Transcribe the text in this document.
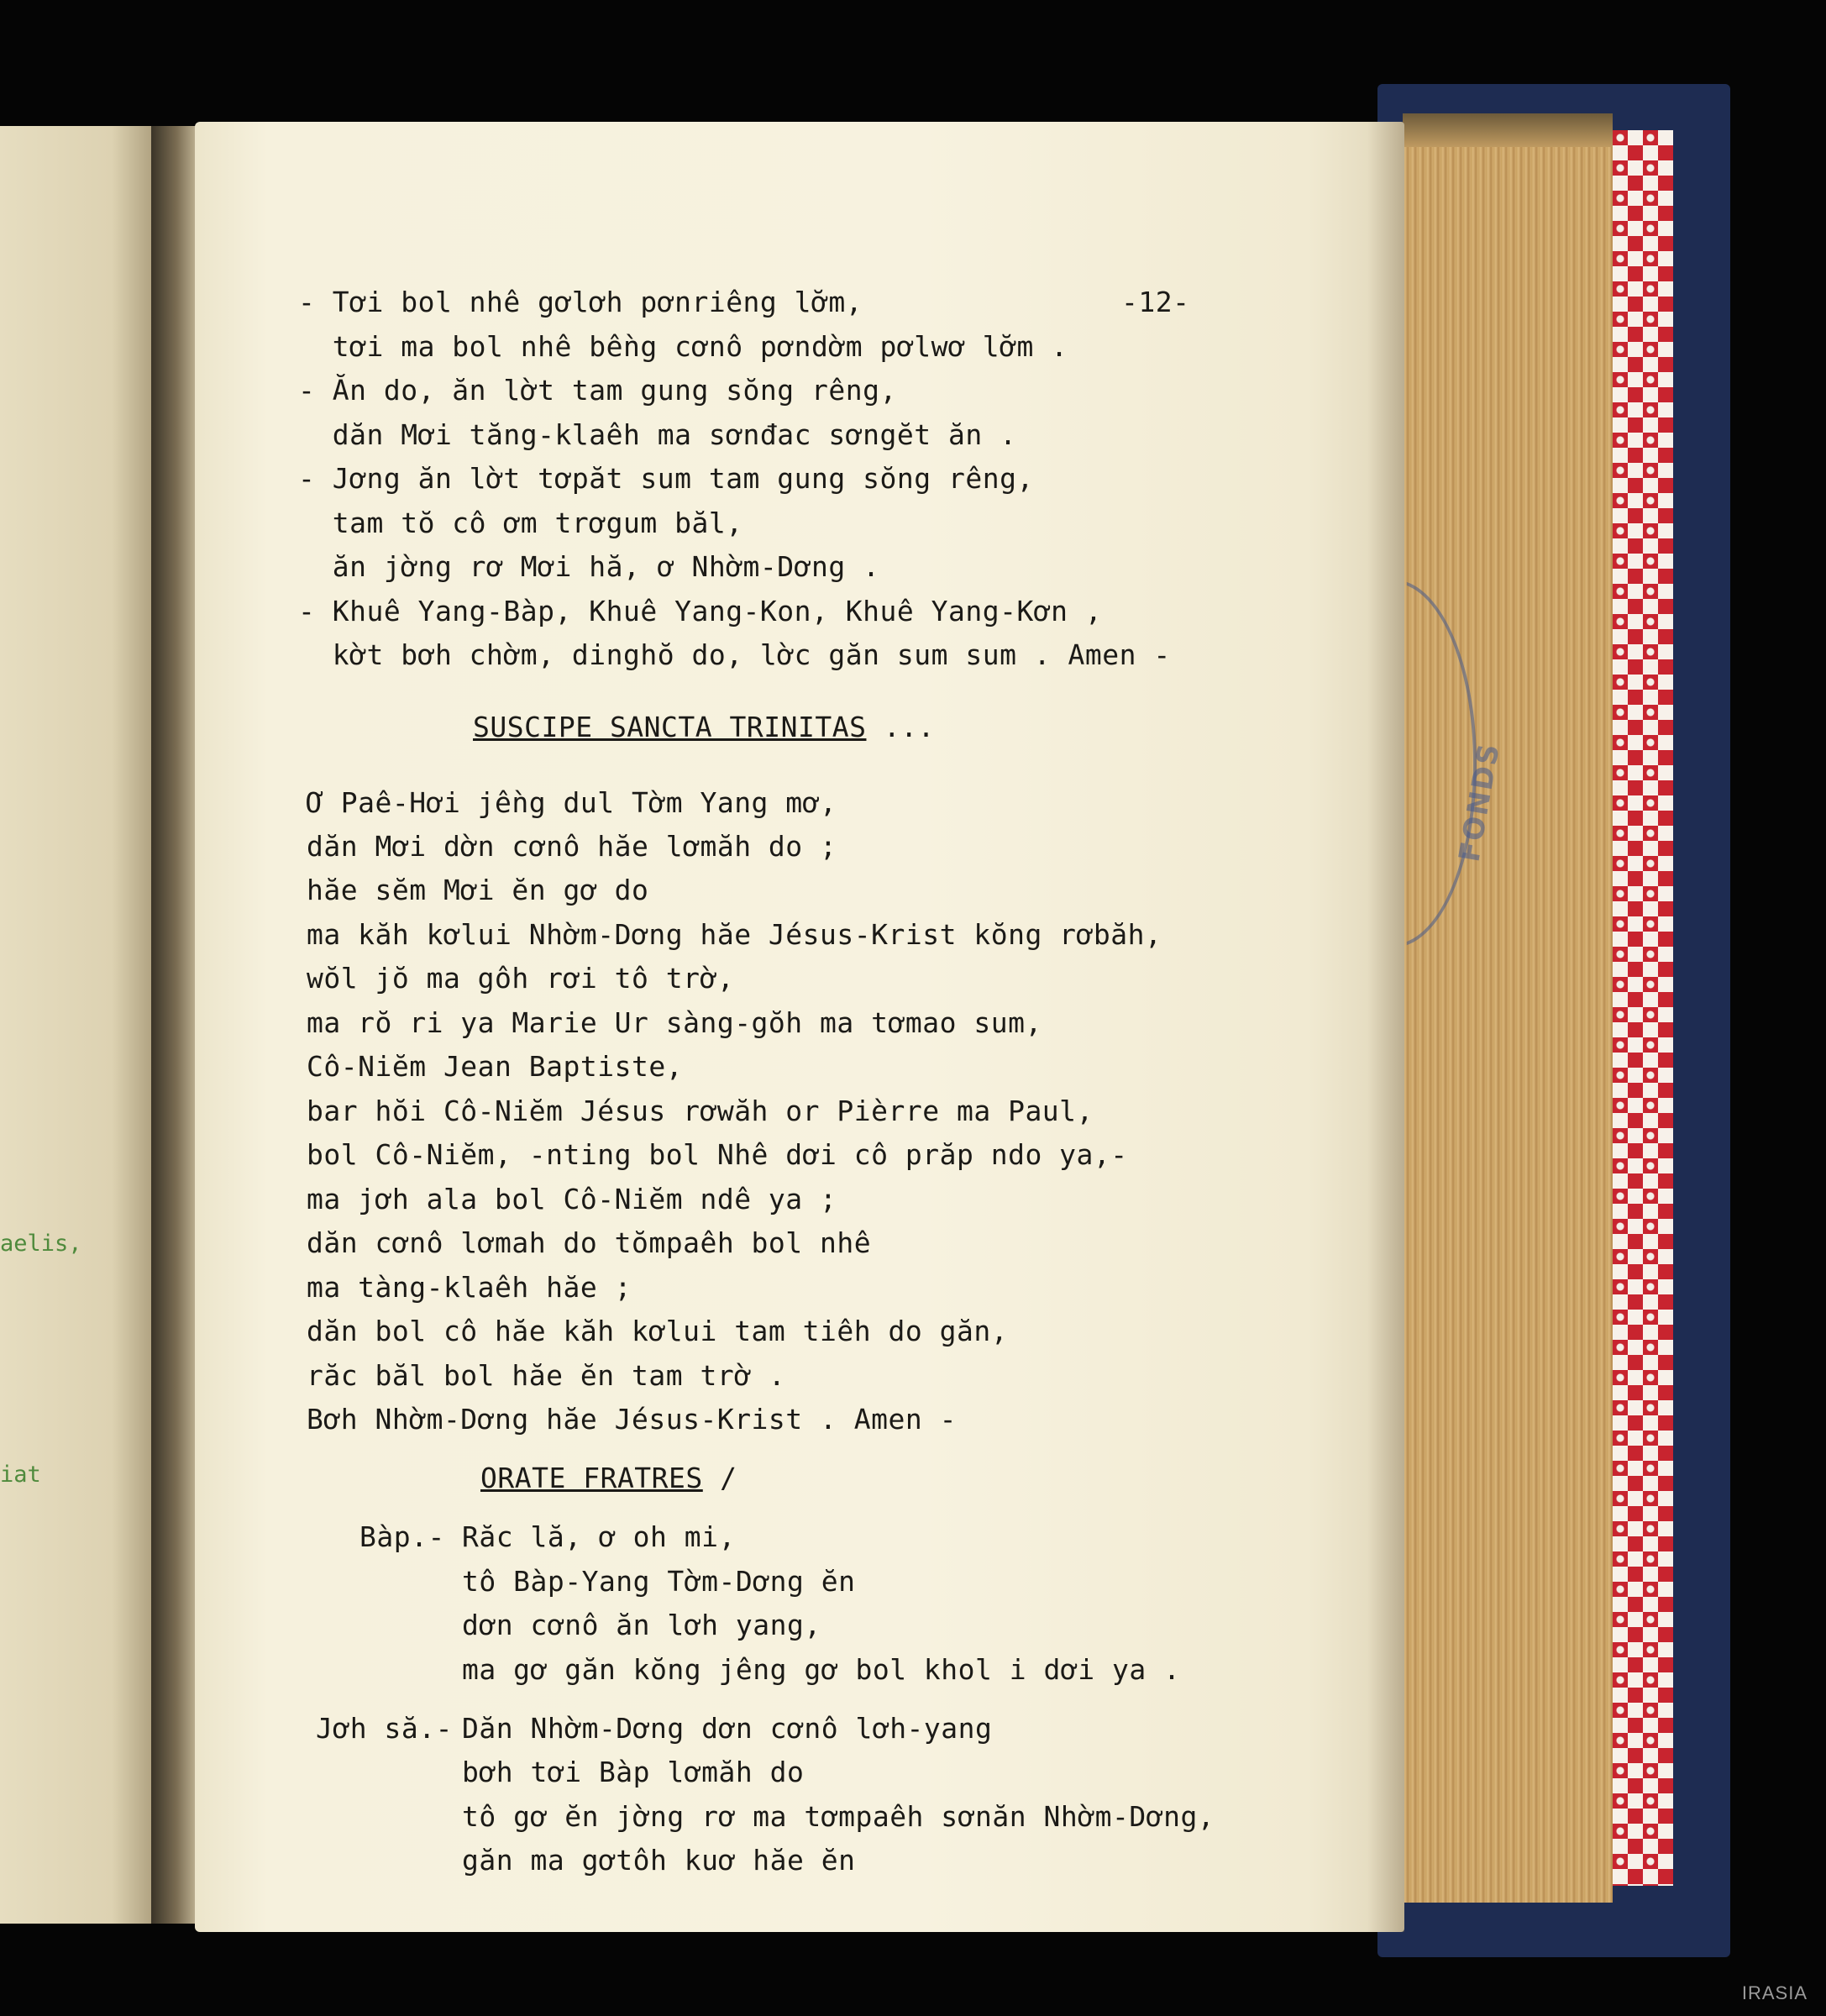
aelis,
iat
FONDS
-12-
- Tơi bol nhê gơlơh pơnriêng lơ̆m,
tơi ma bol nhê bềng cơnô pơndờm pơlwơ lơ̆m .
- Ăn do, ăn lờt tam gung sŏng rêng,
dăn Mơi tăng-klaêh ma sơnđac sơngĕt ăn .
- Jơng ăn lờt tơpăt sum tam gung sŏng rêng,
tam tŏ cô ơm trơgum băl,
ăn jờng rơ Mơi hă, ơ Nhờm-Dơng .
- Khuê Yang-Bàp, Khuê Yang-Kon, Khuê Yang-Kơn ,
kờt bơh chờm, dinghŏ do, lờc găn sum sum . Amen -
SUSCIPE SANCTA TRINITAS ...
Ơ Paê-Hơi jềng dul Tờm Yang mơ,
dăn Mơi dờn cơnô hăe lơmăh do ;
hăe sĕm Mơi ĕn gơ do
ma kăh kơlui Nhờm-Dơng hăe Jésus-Krist kŏng rơbăh,
wŏl jŏ ma gôh rơi tô trờ,
ma rŏ ri ya Marie Ur sàng-gŏh ma tơmao sum,
Cô-Niĕm Jean Baptiste,
bar hŏi Cô-Niĕm Jésus rơwăh or Pièrre ma Paul,
bol Cô-Niĕm, -nting bol Nhê dơi cô prăp ndo ya,-
ma jơh ala bol Cô-Niĕm ndê ya ;
dăn cơnô lơmah do tŏmpaêh bol nhê
ma tàng-klaêh hăe ;
dăn bol cô hăe kăh kơlui tam tiêh do găn,
răc băl bol hăe ĕn tam trờ .
Bơh Nhờm-Dơng hăe Jésus-Krist . Amen -
ORATE FRATRES /
Bàp.- Răc lă, ơ oh mi,
tô Bàp-Yang Tờm-Dơng ĕn
dơn cơnô ăn lơh yang,
ma gơ găn kŏng jêng gơ bol khol i dơi ya .
Jơh să.- Dăn Nhờm-Dơng dơn cơnô lơh-yang
bơh tơi Bàp lơmăh do
tô gơ ĕn jờng rơ ma tơmpaêh sơnăn Nhờm-Dơng,
găn ma gơtôh kuơ hăe ĕn
IRASIA
